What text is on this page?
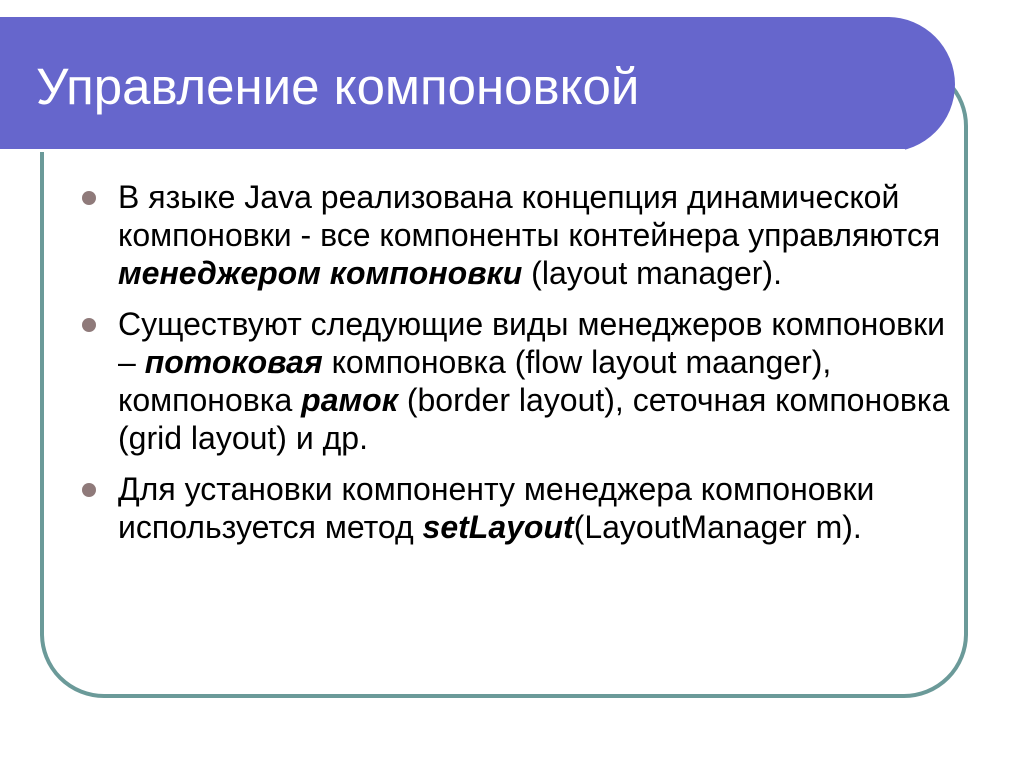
Управление компоновкой
В языке Java реализована концепция динамической компоновки - все компоненты контейнера управляются менеджером компоновки (layout manager).
Существуют следующие виды менеджеров компоновки – потоковая компоновка (flow layout maanger), компоновка рамок (border layout), сеточная компоновка (grid layout) и др.
Для установки компоненту менеджера компоновки используется метод setLayout(LayoutManager m).
